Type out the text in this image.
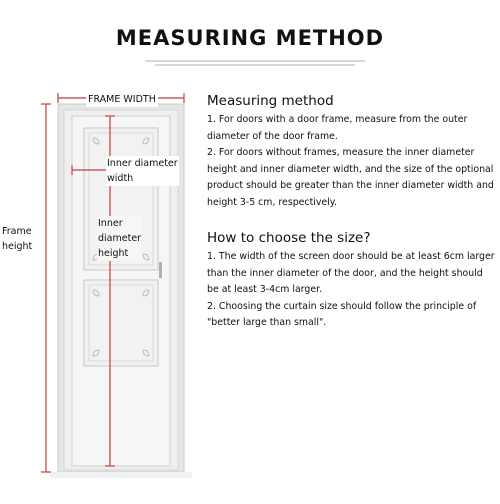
MEASURING METHOD
FRAME WIDTH
Inner diameter
width
Inner
diameter
height
Frame
height
Measuring method

1. For doors with a door frame, measure from the outer diameter of the door frame.

2. For doors without frames, measure the inner diameter height and inner diameter width, and the size of the optional product should be greater than the inner diameter width and height 3-5 cm, respectively.

How to choose the size?

1. The width of the screen door should be at least 6cm larger than the inner diameter of the door, and the height should be at least 3-4cm larger.

2. Choosing the curtain size should follow the principle of "better large than small".
